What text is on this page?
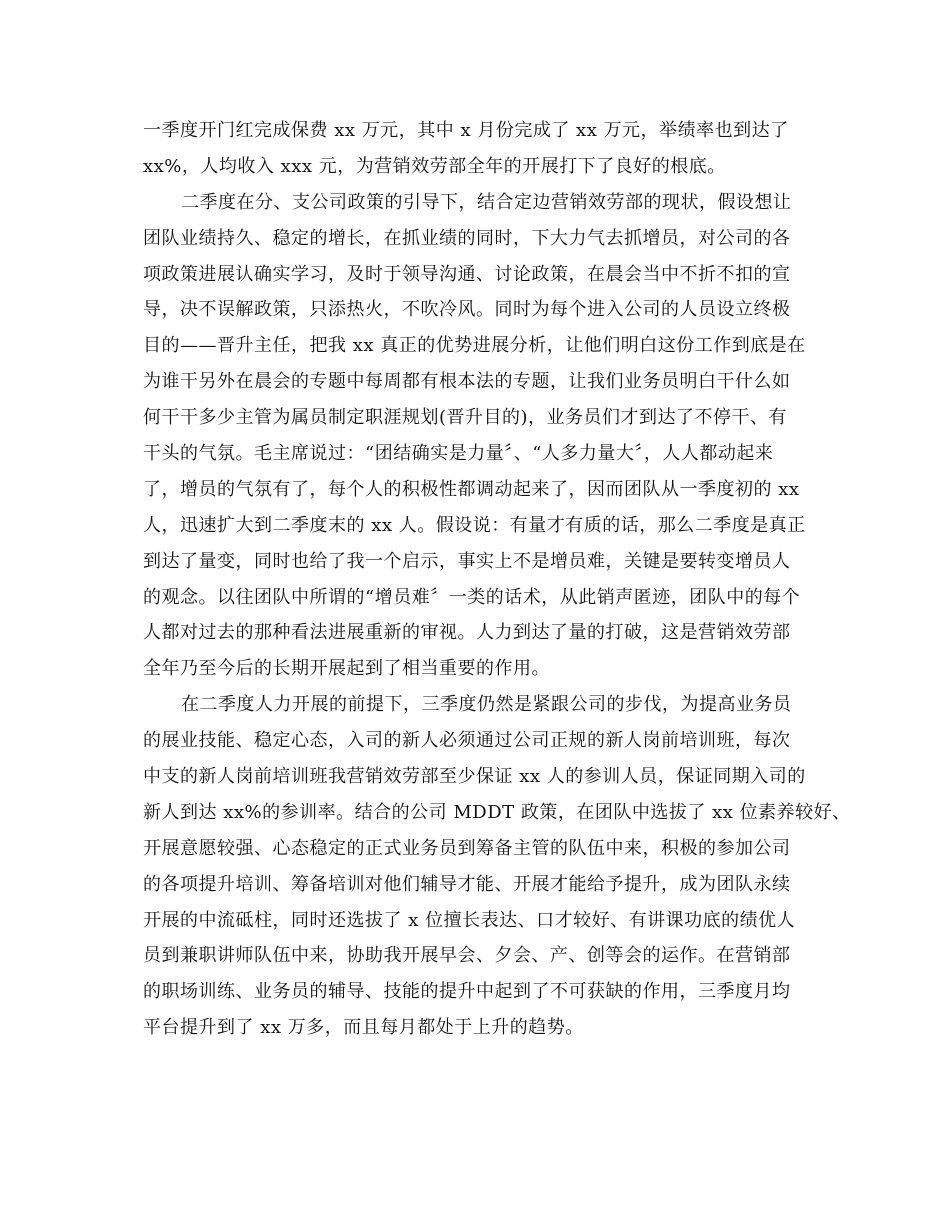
一季度开门红完成保费 xx 万元，其中 x 月份完成了 xx 万元，举绩率也到达了
xx%，人均收入 xxx 元，为营销效劳部全年的开展打下了良好的根底。
二季度在分、支公司政策的引导下，结合定边营销效劳部的现状，假设想让
团队业绩持久、稳定的增长，在抓业绩的同时，下大力气去抓增员，对公司的各
项政策进展认确实学习，及时于领导沟通、讨论政策，在晨会当中不折不扣的宣
导，决不误解政策，只添热火，不吹冷风。同时为每个进入公司的人员设立终极
目的——晋升主任，把我 xx 真正的优势进展分析，让他们明白这份工作到底是在
为谁干另外在晨会的专题中每周都有根本法的专题，让我们业务员明白干什么如
何干干多少主管为属员制定职涯规划(晋升目的)，业务员们才到达了不停干、有
干头的气氛。毛主席说过：“团结确实是力量〞、“人多力量大〞，人人都动起来
了，增员的气氛有了，每个人的积极性都调动起来了，因而团队从一季度初的 xx
人，迅速扩大到二季度末的 xx 人。假设说：有量才有质的话，那么二季度是真正
到达了量变，同时也给了我一个启示，事实上不是增员难，关键是要转变增员人
的观念。以往团队中所谓的“增员难〞一类的话术，从此销声匿迹，团队中的每个
人都对过去的那种看法进展重新的审视。人力到达了量的打破，这是营销效劳部
全年乃至今后的长期开展起到了相当重要的作用。
在二季度人力开展的前提下，三季度仍然是紧跟公司的步伐，为提高业务员
的展业技能、稳定心态，入司的新人必须通过公司正规的新人岗前培训班，每次
中支的新人岗前培训班我营销效劳部至少保证 xx 人的参训人员，保证同期入司的
新人到达 xx%的参训率。结合的公司 MDDT 政策，在团队中选拔了 xx 位素养较好、
开展意愿较强、心态稳定的正式业务员到筹备主管的队伍中来，积极的参加公司
的各项提升培训、筹备培训对他们辅导才能、开展才能给予提升，成为团队永续
开展的中流砥柱，同时还选拔了 x 位擅长表达、口才较好、有讲课功底的绩优人
员到兼职讲师队伍中来，协助我开展早会、夕会、产、创等会的运作。在营销部
的职场训练、业务员的辅导、技能的提升中起到了不可获缺的作用，三季度月均
平台提升到了 xx 万多，而且每月都处于上升的趋势。
